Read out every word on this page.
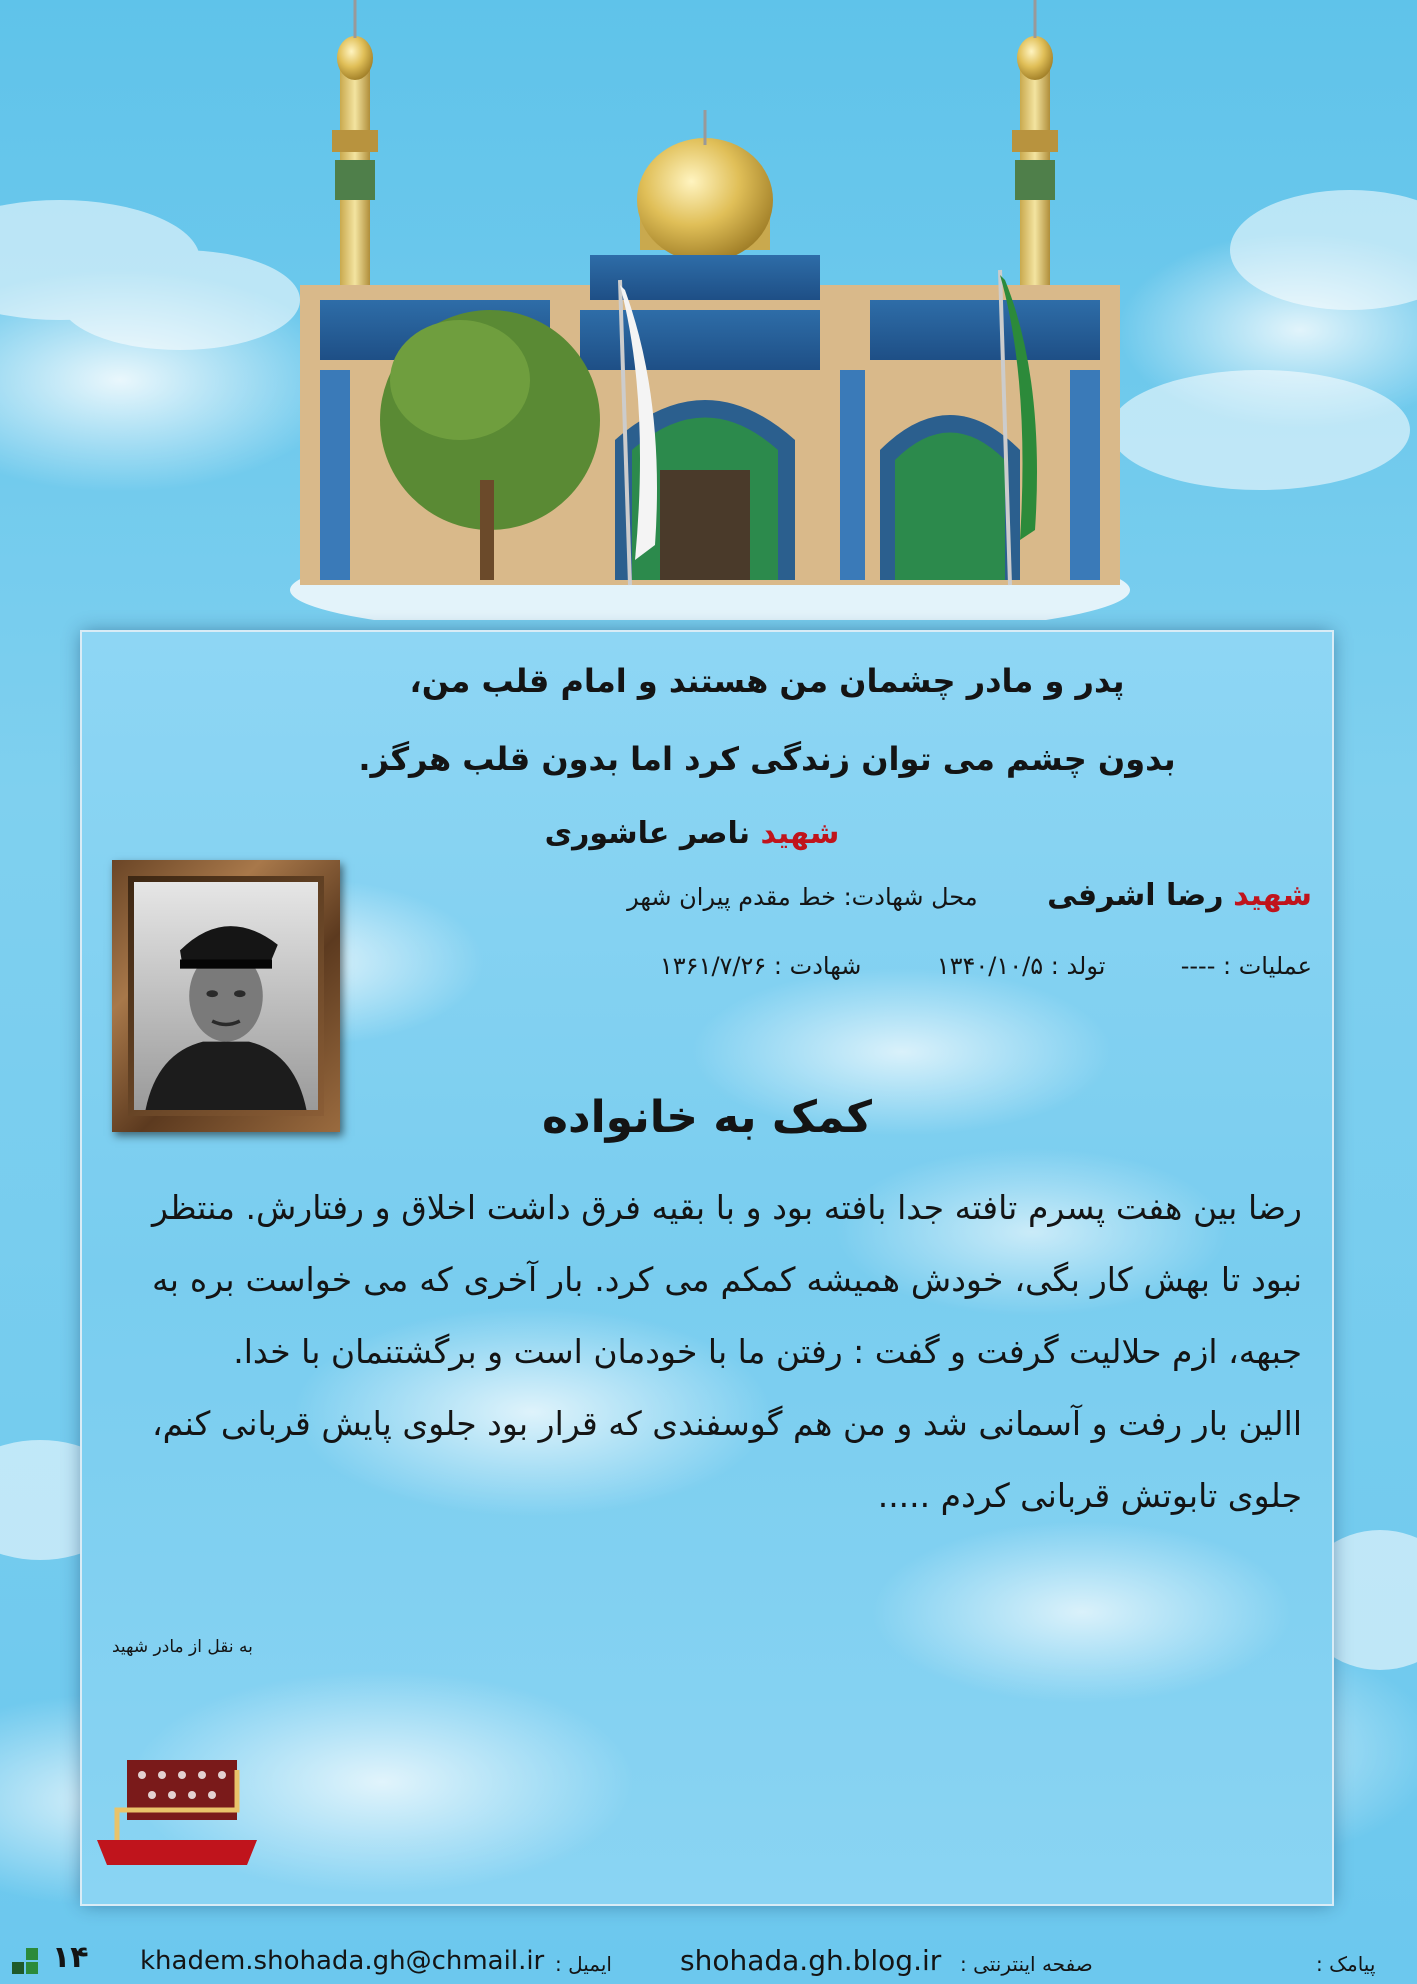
پدر و مادر چشمان من هستند و امام قلب من،
بدون چشم می توان زندگی کرد اما بدون قلب هرگز.
شهید ناصر عاشوری
شهید رضا اشرفی محل شهادت: خط مقدم پیران شهر
عملیات : ----  تولد : ۱۳۴۰/۱۰/۵  شهادت : ۱۳۶۱/۷/۲۶
کمک به خانواده

رضا بین هفت پسرم تافته جدا بافته بود و با بقیه فرق داشت اخلاق و رفتارش. منتظر نبود تا بهش کار بگی، خودش همیشه کمکم می کرد. بار آخری که می خواست بره به جبهه، ازم حلالیت گرفت و گفت : رفتن ما با خودمان است و برگشتنمان با خدا.

االین بار رفت و آسمانی شد و من هم گوسفندی که قرار بود جلوی پایش قربانی کنم، جلوی تابوتش قربانی کردم .....

به نقل از مادر شهید
۱۴ khadem.shohada.gh@chmail.ir ایمیل : shohada.gh.blog.ir صفحه اینترنتی :	پیامک :
